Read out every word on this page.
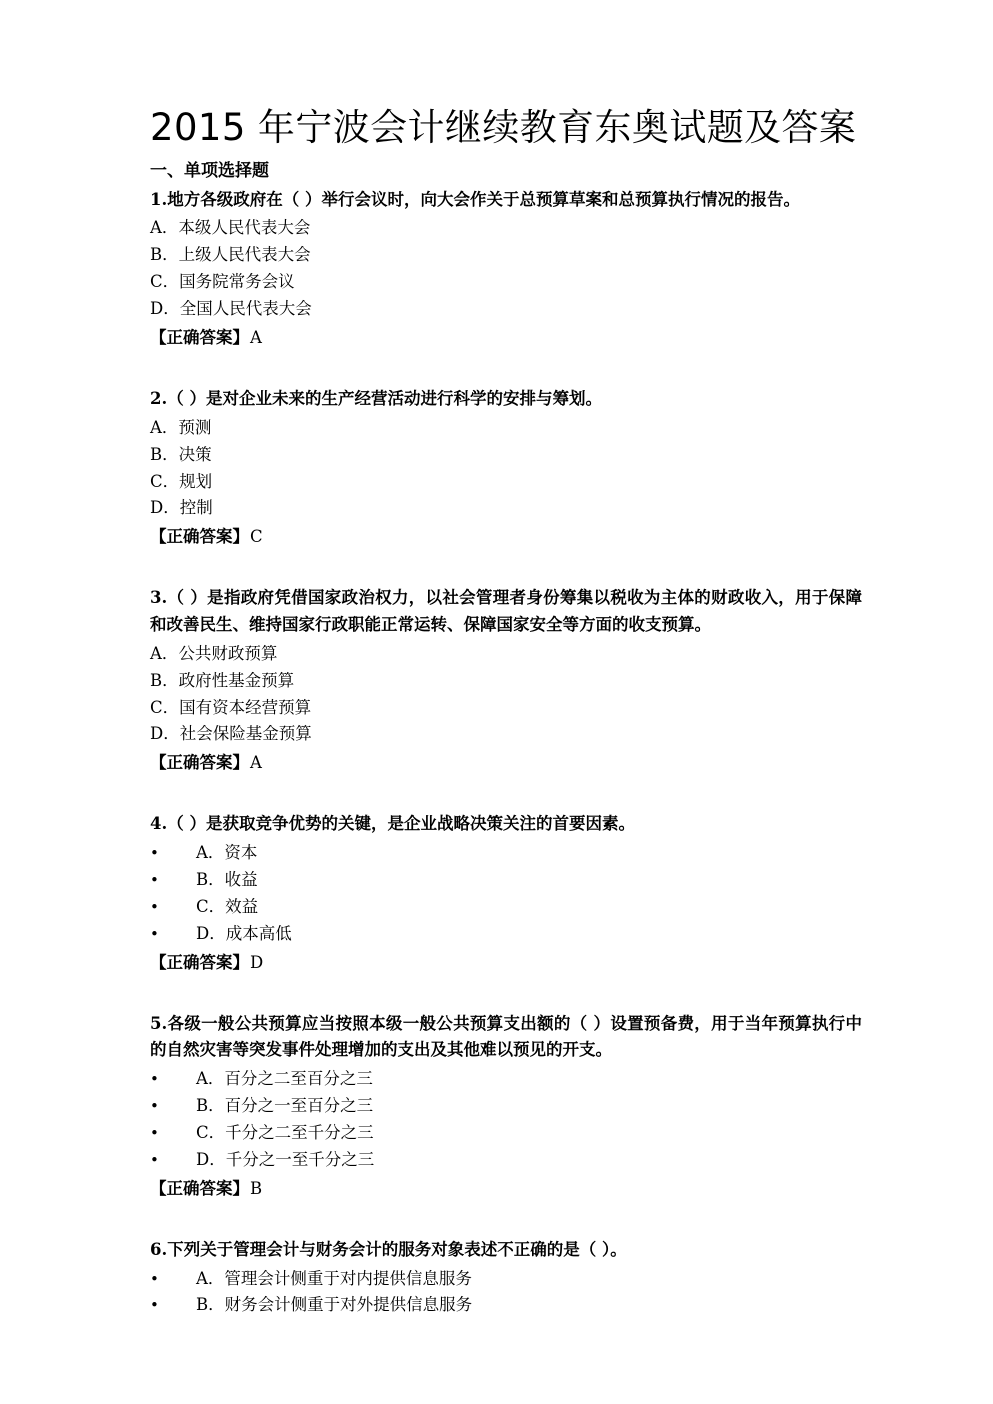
2015 年宁波会计继续教育东奥试题及答案
一、单项选择题

1.地方各级政府在（ ）举行会议时，向大会作关于总预算草案和总预算执行情况的报告。

A． 本级人民代表大会
B． 上级人民代表大会
C． 国务院常务会议
D． 全国人民代表大会

【正确答案】A

2.（ ）是对企业未来的生产经营活动进行科学的安排与筹划。

A． 预测
B． 决策
C． 规划
D． 控制

【正确答案】C

3.（ ）是指政府凭借国家政治权力，以社会管理者身份筹集以税收为主体的财政收入，用于保障和改善民生、维持国家行政职能正常运转、保障国家安全等方面的收支预算。

A． 公共财政预算
B． 政府性基金预算
C． 国有资本经营预算
D． 社会保险基金预算

【正确答案】A

4.（ ）是获取竞争优势的关键，是企业战略决策关注的首要因素。

•	A． 资本
•	B． 收益
•	C． 效益
•	D． 成本高低

【正确答案】D

5.各级一般公共预算应当按照本级一般公共预算支出额的（ ）设置预备费，用于当年预算执行中的自然灾害等突发事件处理增加的支出及其他难以预见的开支。

•	A． 百分之二至百分之三
•	B． 百分之一至百分之三
•	C． 千分之二至千分之三
•	D． 千分之一至千分之三

【正确答案】B

6.下列关于管理会计与财务会计的服务对象表述不正确的是（ ）。

•	A． 管理会计侧重于对内提供信息服务
•	B． 财务会计侧重于对外提供信息服务
